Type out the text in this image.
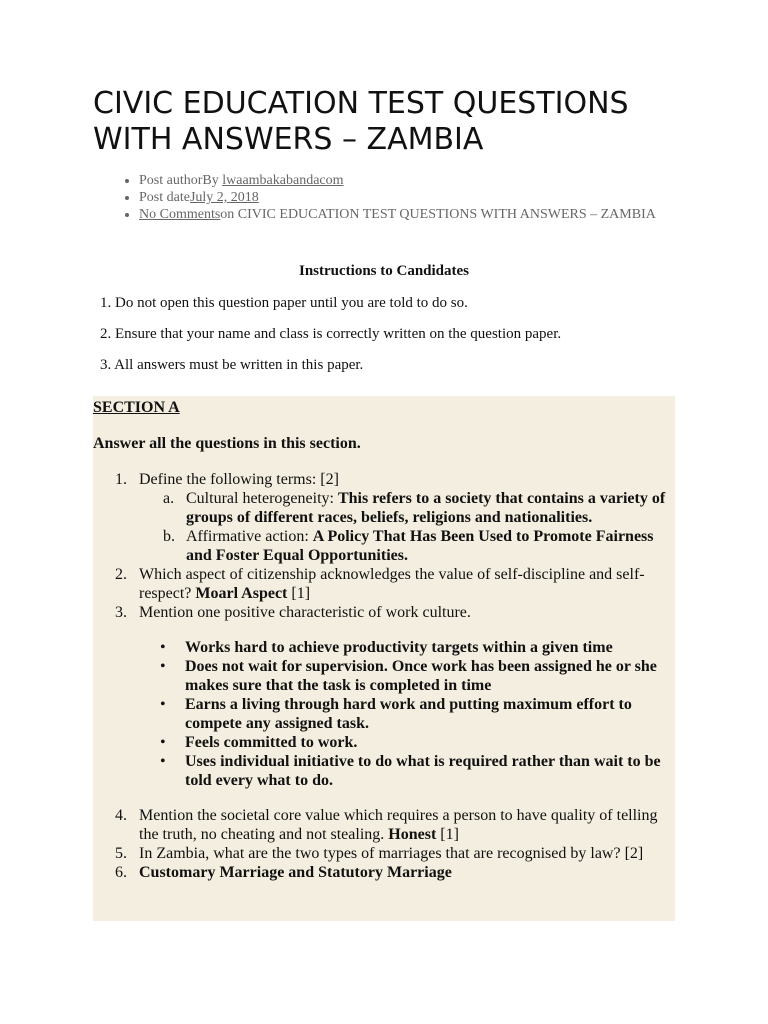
CIVIC EDUCATION TEST QUESTIONS WITH ANSWERS – ZAMBIA
• Post authorBy lwaambakabandacom
• Post dateJuly 2, 2018
• No Commentson CIVIC EDUCATION TEST QUESTIONS WITH ANSWERS – ZAMBIA

Instructions to Candidates

1. Do not open this question paper until you are told to do so.
2. Ensure that your name and class is correctly written on the question paper.
3. All answers must be written in this paper.

SECTION A

Answer all the questions in this section.

1. Define the following terms: [2]
a. Cultural heterogeneity: This refers to a society that contains a variety of groups of different races, beliefs, religions and nationalities.
b. Affirmative action: A Policy That Has Been Used to Promote Fairness and Foster Equal Opportunities.
2. Which aspect of citizenship acknowledges the value of self-discipline and self-respect? Moarl Aspect [1]
3. Mention one positive characteristic of work culture.
• Works hard to achieve productivity targets within a given time
• Does not wait for supervision. Once work has been assigned he or she makes sure that the task is completed in time
• Earns a living through hard work and putting maximum effort to compete any assigned task.
• Feels committed to work.
• Uses individual initiative to do what is required rather than wait to be told every what to do.
4. Mention the societal core value which requires a person to have quality of telling the truth, no cheating and not stealing. Honest [1]
5. In Zambia, what are the two types of marriages that are recognised by law? [2]
6. Customary Marriage and Statutory Marriage
